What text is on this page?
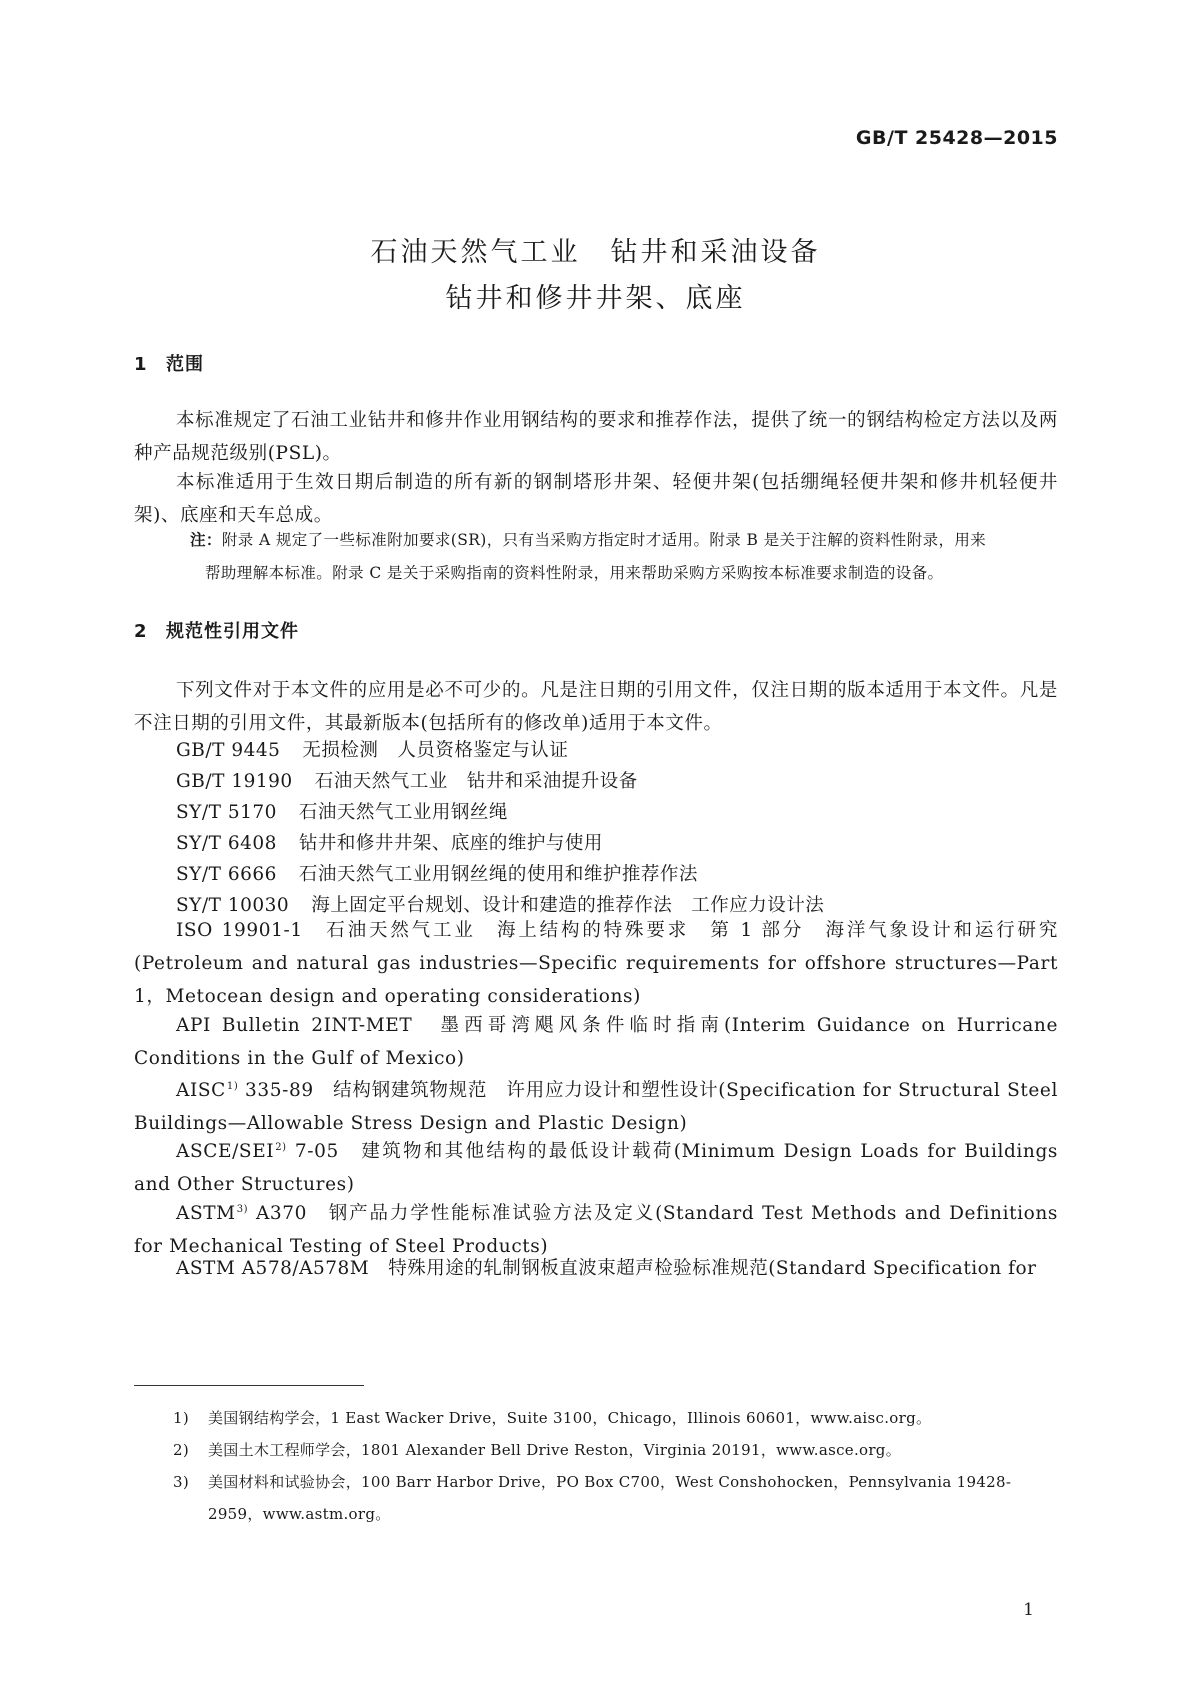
GB/T 25428—2015
石油天然气工业　钻井和采油设备
钻井和修井井架、底座
1 范围
本标准规定了石油工业钻井和修井作业用钢结构的要求和推荐作法，提供了统一的钢结构检定方法以及两种产品规范级别(PSL)。
本标准适用于生效日期后制造的所有新的钢制塔形井架、轻便井架(包括绷绳轻便井架和修井机轻便井架)、底座和天车总成。
注：附录 A 规定了一些标准附加要求(SR)，只有当采购方指定时才适用。附录 B 是关于注解的资料性附录，用来
帮助理解本标准。附录 C 是关于采购指南的资料性附录，用来帮助采购方采购按本标准要求制造的设备。
2 规范性引用文件
下列文件对于本文件的应用是必不可少的。凡是注日期的引用文件，仅注日期的版本适用于本文件。凡是不注日期的引用文件，其最新版本(包括所有的修改单)适用于本文件。
GB/T 9445 无损检测　人员资格鉴定与认证
GB/T 19190 石油天然气工业　钻井和采油提升设备
SY/T 5170 石油天然气工业用钢丝绳
SY/T 6408 钻井和修井井架、底座的维护与使用
SY/T 6666 石油天然气工业用钢丝绳的使用和维护推荐作法
SY/T 10030 海上固定平台规划、设计和建造的推荐作法　工作应力设计法
ISO 19901-1　石油天然气工业　海上结构的特殊要求　第 1 部分　海洋气象设计和运行研究(Petroleum and natural gas industries—Specific requirements for offshore structures—Part 1，Metocean design and operating considerations)
API Bulletin 2INT-MET　墨西哥湾飓风条件临时指南(Interim Guidance on Hurricane Conditions in the Gulf of Mexico)
AISC$^{1)}$ 335-89　结构钢建筑物规范　许用应力设计和塑性设计(Specification for Structural Steel Buildings—Allowable Stress Design and Plastic Design)
ASCE/SEI$^{2)}$ 7-05　建筑物和其他结构的最低设计载荷(Minimum Design Loads for Buildings and Other Structures)
ASTM$^{3)}$ A370　钢产品力学性能标准试验方法及定义(Standard Test Methods and Definitions for Mechanical Testing of Steel Products)
ASTM A578/A578M　特殊用途的轧制钢板直波束超声检验标准规范(Standard Specification for
1)	美国钢结构学会，1 East Wacker Drive，Suite 3100，Chicago，Illinois 60601，www.aisc.org。
2)	美国土木工程师学会，1801 Alexander Bell Drive Reston，Virginia 20191，www.asce.org。
3)	美国材料和试验协会，100 Barr Harbor Drive，PO Box C700，West Conshohocken，Pennsylvania 19428-2959，www.astm.org。
1
